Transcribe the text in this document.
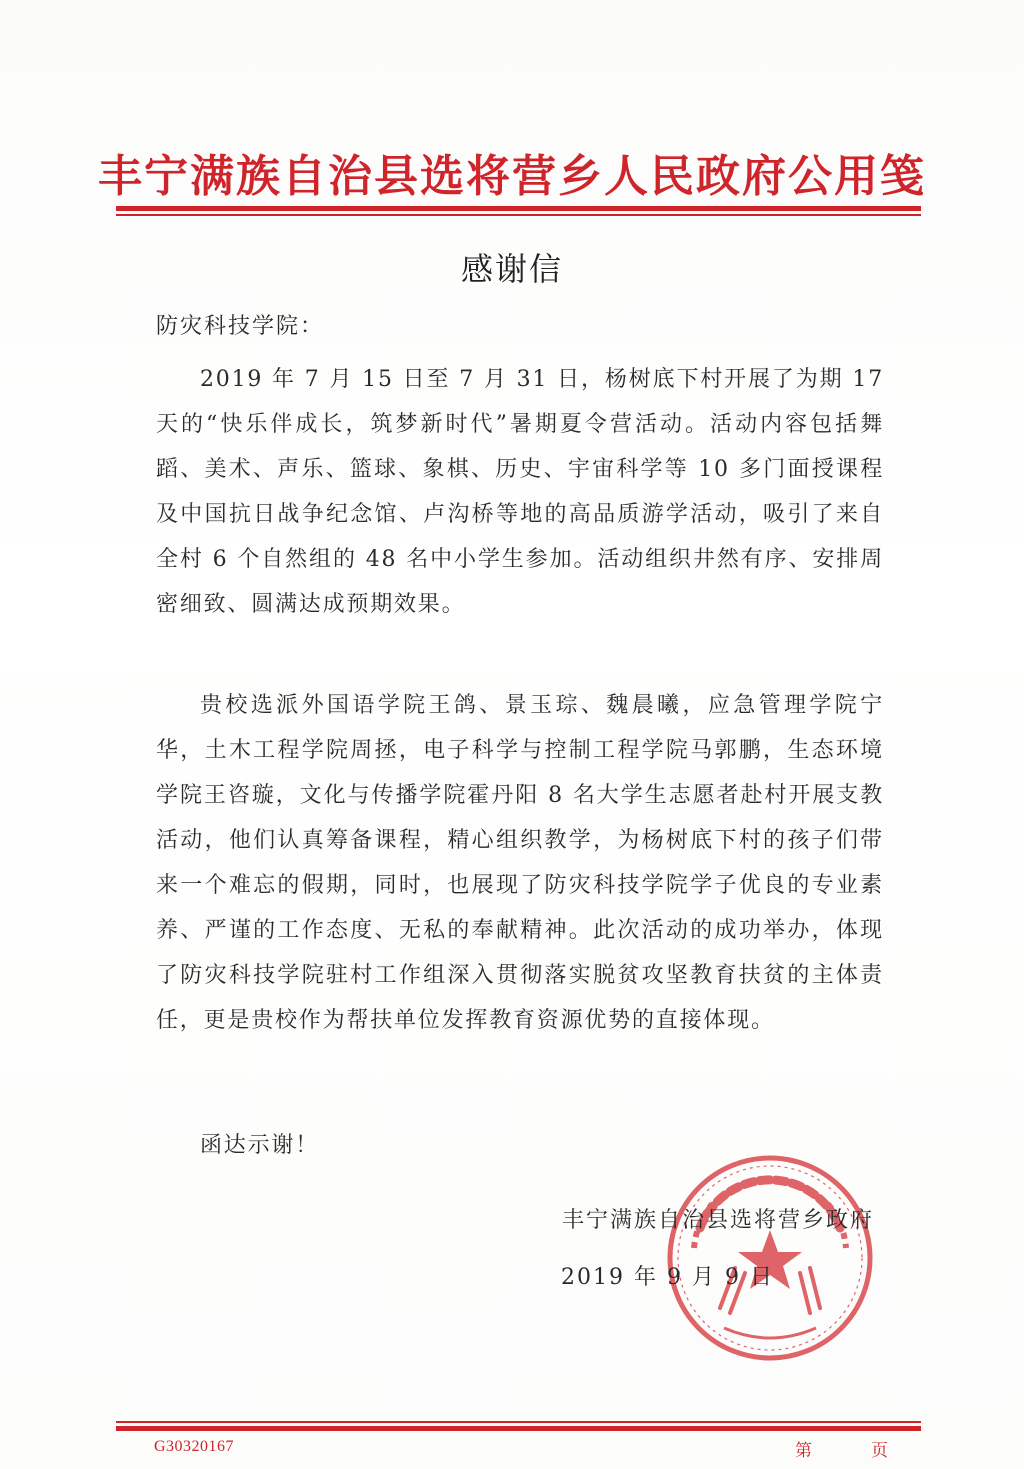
丰宁满族自治县选将营乡人民政府公用笺
感谢信
防灾科技学院：

2019 年 7 月 15 日至 7 月 31 日，杨树底下村开展了为期 17 天的“快乐伴成长，筑梦新时代”暑期夏令营活动。活动内容包括舞蹈、美术、声乐、篮球、象棋、历史、宇宙科学等 10 多门面授课程及中国抗日战争纪念馆、卢沟桥等地的高品质游学活动，吸引了来自全村 6 个自然组的 48 名中小学生参加。活动组织井然有序、安排周密细致、圆满达成预期效果。

贵校选派外国语学院王鸽、景玉琮、魏晨曦，应急管理学院宁华，土木工程学院周拯，电子科学与控制工程学院马郭鹏，生态环境学院王咨璇，文化与传播学院霍丹阳 8 名大学生志愿者赴村开展支教活动，他们认真筹备课程，精心组织教学，为杨树底下村的孩子们带来一个难忘的假期，同时，也展现了防灾科技学院学子优良的专业素养、严谨的工作态度、无私的奉献精神。此次活动的成功举办，体现了防灾科技学院驻村工作组深入贯彻落实脱贫攻坚教育扶贫的主体责任，更是贵校作为帮扶单位发挥教育资源优势的直接体现。

函达示谢！

丰宁满族自治县选将营乡政府
2019 年 9 月 9 日
G30320167	第	页
